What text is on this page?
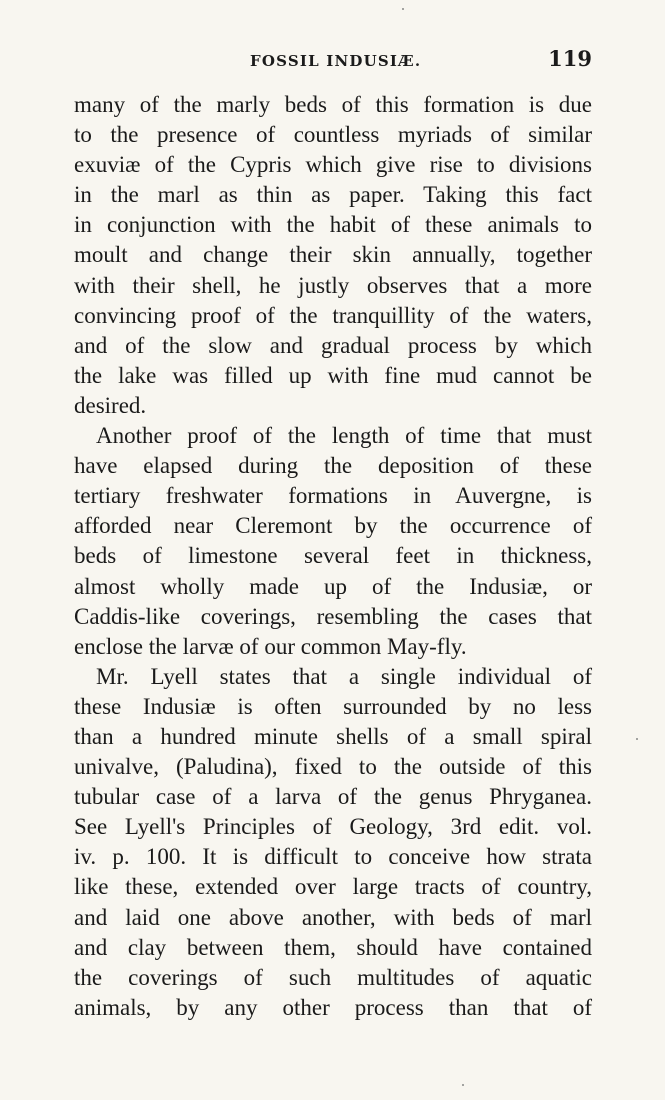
FOSSIL INDUSIÆ.	119
many of the marly beds of this formation is due
to the presence of countless myriads of similar
exuviæ of the Cypris which give rise to divisions
in the marl as thin as paper. Taking this fact
in conjunction with the habit of these animals to
moult and change their skin annually, together
with their shell, he justly observes that a more
convincing proof of the tranquillity of the waters,
and of the slow and gradual process by which
the lake was filled up with fine mud cannot be
desired.
Another proof of the length of time that must
have elapsed during the deposition of these
tertiary freshwater formations in Auvergne, is
afforded near Cleremont by the occurrence of
beds of limestone several feet in thickness,
almost wholly made up of the Indusiæ, or
Caddis-like coverings, resembling the cases that
enclose the larvæ of our common May-fly.
Mr. Lyell states that a single individual of
these Indusiæ is often surrounded by no less
than a hundred minute shells of a small spiral
univalve, (Paludina), fixed to the outside of this
tubular case of a larva of the genus Phryganea.
See Lyell's Principles of Geology, 3rd edit. vol.
iv. p. 100. It is difficult to conceive how strata
like these, extended over large tracts of country,
and laid one above another, with beds of marl
and clay between them, should have contained
the coverings of such multitudes of aquatic
animals, by any other process than that of
